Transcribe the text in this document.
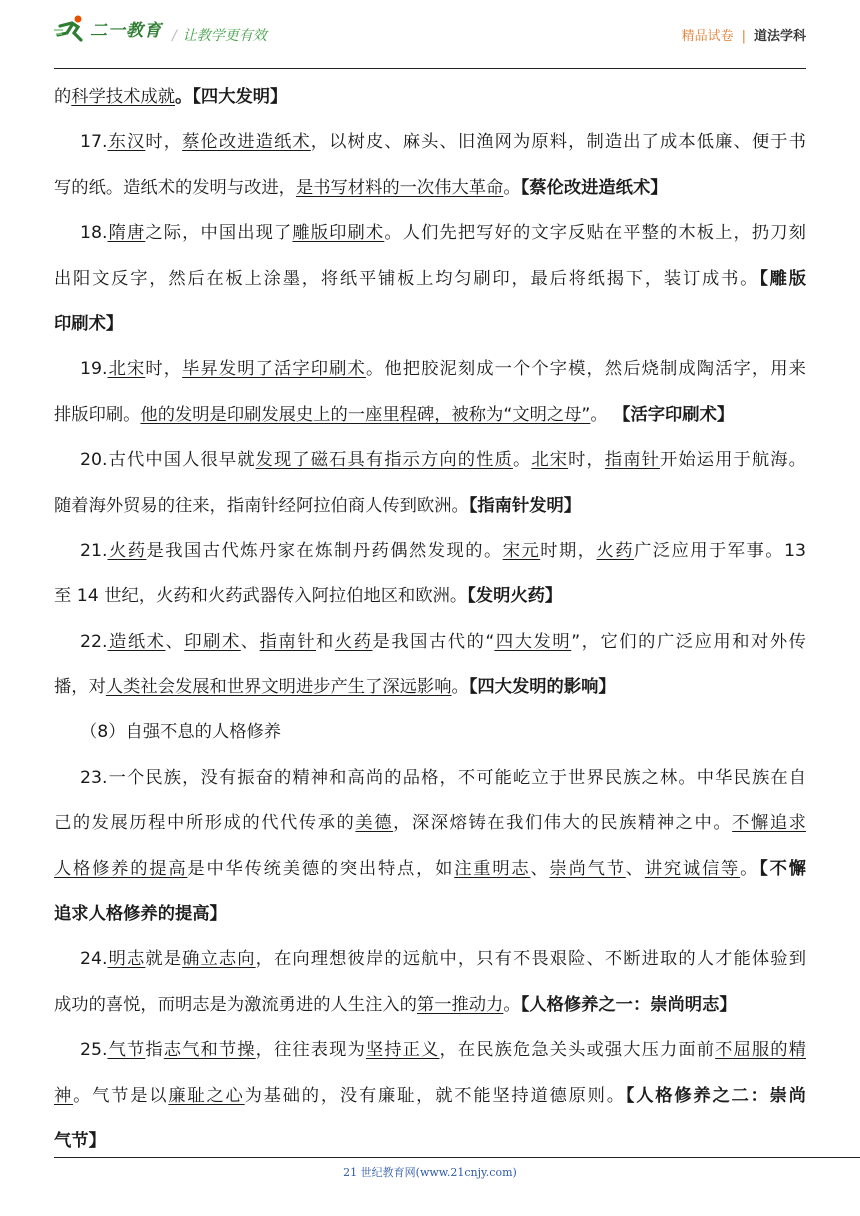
二一教育 / 让教学更有效	精品试卷 | 道法学科
的科学技术成就。【四大发明】
17.东汉时，蔡伦改进造纸术，以树皮、麻头、旧渔网为原料，制造出了成本低廉、便于书
写的纸。造纸术的发明与改进，是书写材料的一次伟大革命。【蔡伦改进造纸术】
18.隋唐之际，中国出现了雕版印刷术。人们先把写好的文字反贴在平整的木板上，扔刀刻
出阳文反字，然后在板上涂墨，将纸平铺板上均匀刷印，最后将纸揭下，装订成书。【雕版
印刷术】
19.北宋时，毕昇发明了活字印刷术。他把胶泥刻成一个个字模，然后烧制成陶活字，用来
排版印刷。他的发明是印刷发展史上的一座里程碑，被称为“文明之母”。 【活字印刷术】
20.古代中国人很早就发现了磁石具有指示方向的性质。北宋时，指南针开始运用于航海。
随着海外贸易的往来，指南针经阿拉伯商人传到欧洲。【指南针发明】
21.火药是我国古代炼丹家在炼制丹药偶然发现的。宋元时期，火药广泛应用于军事。13
至 14 世纪，火药和火药武器传入阿拉伯地区和欧洲。【发明火药】
22.造纸术、印刷术、指南针和火药是我国古代的“四大发明”，它们的广泛应用和对外传
播，对人类社会发展和世界文明进步产生了深远影响。【四大发明的影响】
（8）自强不息的人格修养
23.一个民族，没有振奋的精神和高尚的品格，不可能屹立于世界民族之林。中华民族在自
己的发展历程中所形成的代代传承的美德，深深熔铸在我们伟大的民族精神之中。不懈追求
人格修养的提高是中华传统美德的突出特点，如注重明志、崇尚气节、讲究诚信等。【不懈
追求人格修养的提高】
24.明志就是确立志向，在向理想彼岸的远航中，只有不畏艰险、不断进取的人才能体验到
成功的喜悦，而明志是为激流勇进的人生注入的第一推动力。【人格修养之一：崇尚明志】
25.气节指志气和节操，往往表现为坚持正义，在民族危急关头或强大压力面前不屈服的精
神。气节是以廉耻之心为基础的，没有廉耻，就不能坚持道德原则。【人格修养之二：崇尚
气节】
21 世纪教育网(www.21cnjy.com)
